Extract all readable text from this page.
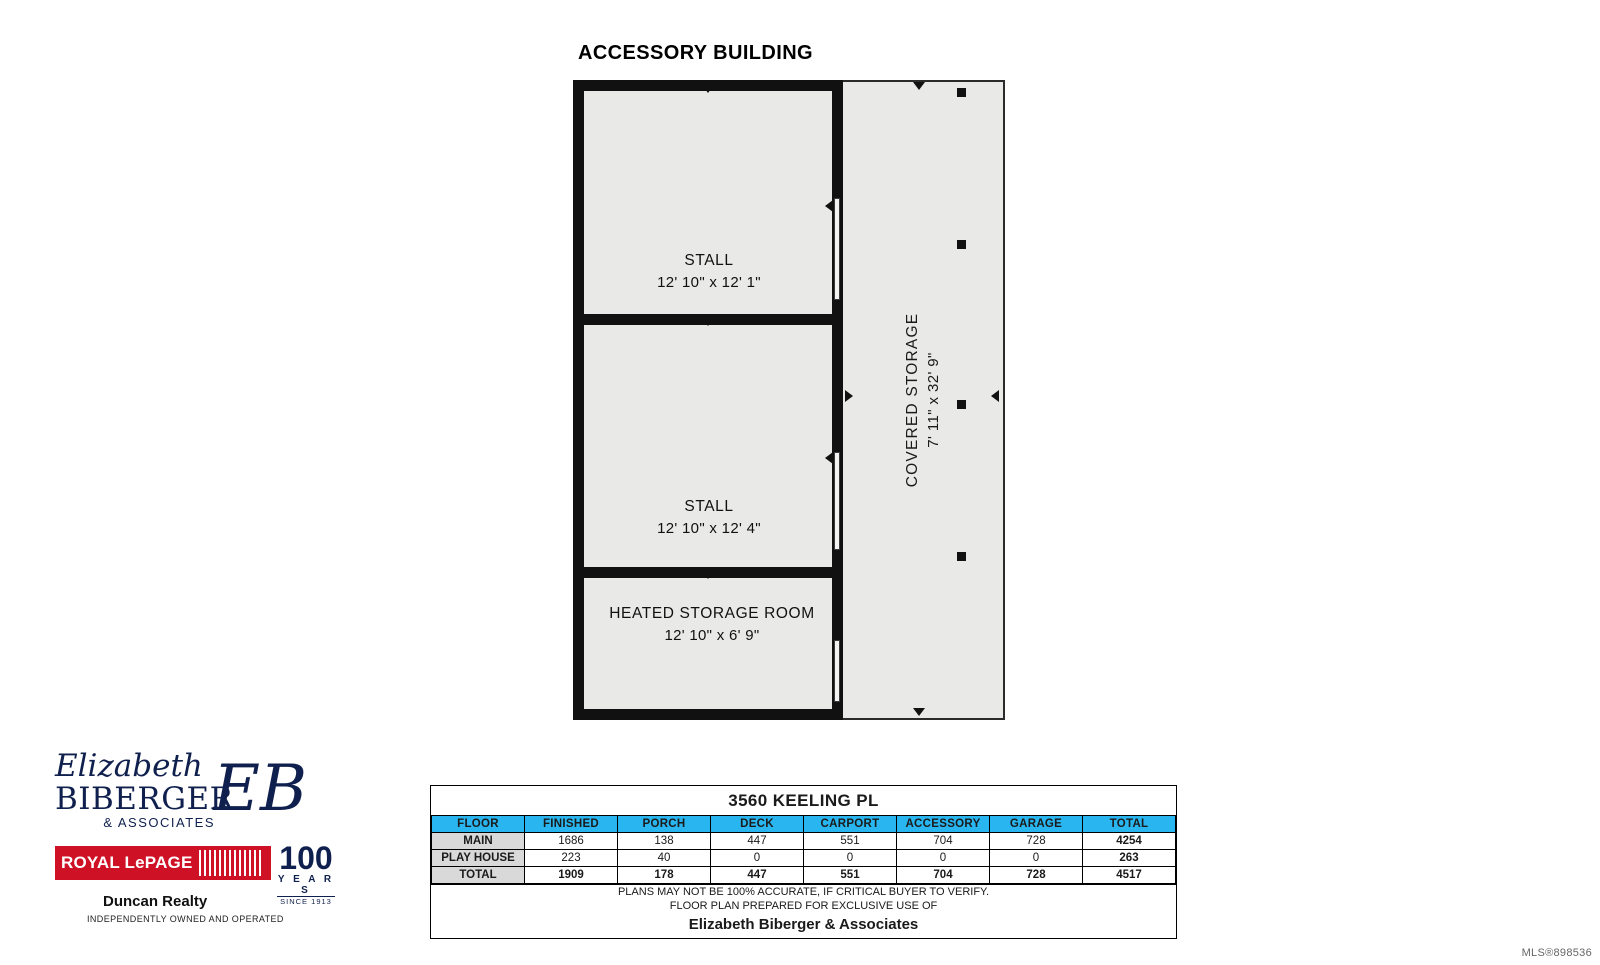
ACCESSORY BUILDING
COVERED STORAGE 7' 11" x 32' 9"
STALL
12' 10" x 12' 1"
STALL
12' 10" x 12' 4"
HEATED STORAGE ROOM
12' 10" x 6' 9"
EB
Elizabeth
BIBERGER
& ASSOCIATES
ROYAL LePAGE	100
Y E A R S
SINCE 1913
Duncan Realty
INDEPENDENTLY OWNED AND OPERATED
3560 KEELING PL
FLOOR	FINISHED	PORCH	DECK	CARPORT	ACCESSORY	GARAGE	TOTAL
MAIN	1686	138	447	551	704	728	4254
PLAY HOUSE	223	40	0	0	0	0	263
TOTAL	1909	178	447	551	704	728	4517
PLANS MAY NOT BE 100% ACCURATE, IF CRITICAL BUYER TO VERIFY.
FLOOR PLAN PREPARED FOR EXCLUSIVE USE OF
Elizabeth Biberger & Associates
MLS®898536
